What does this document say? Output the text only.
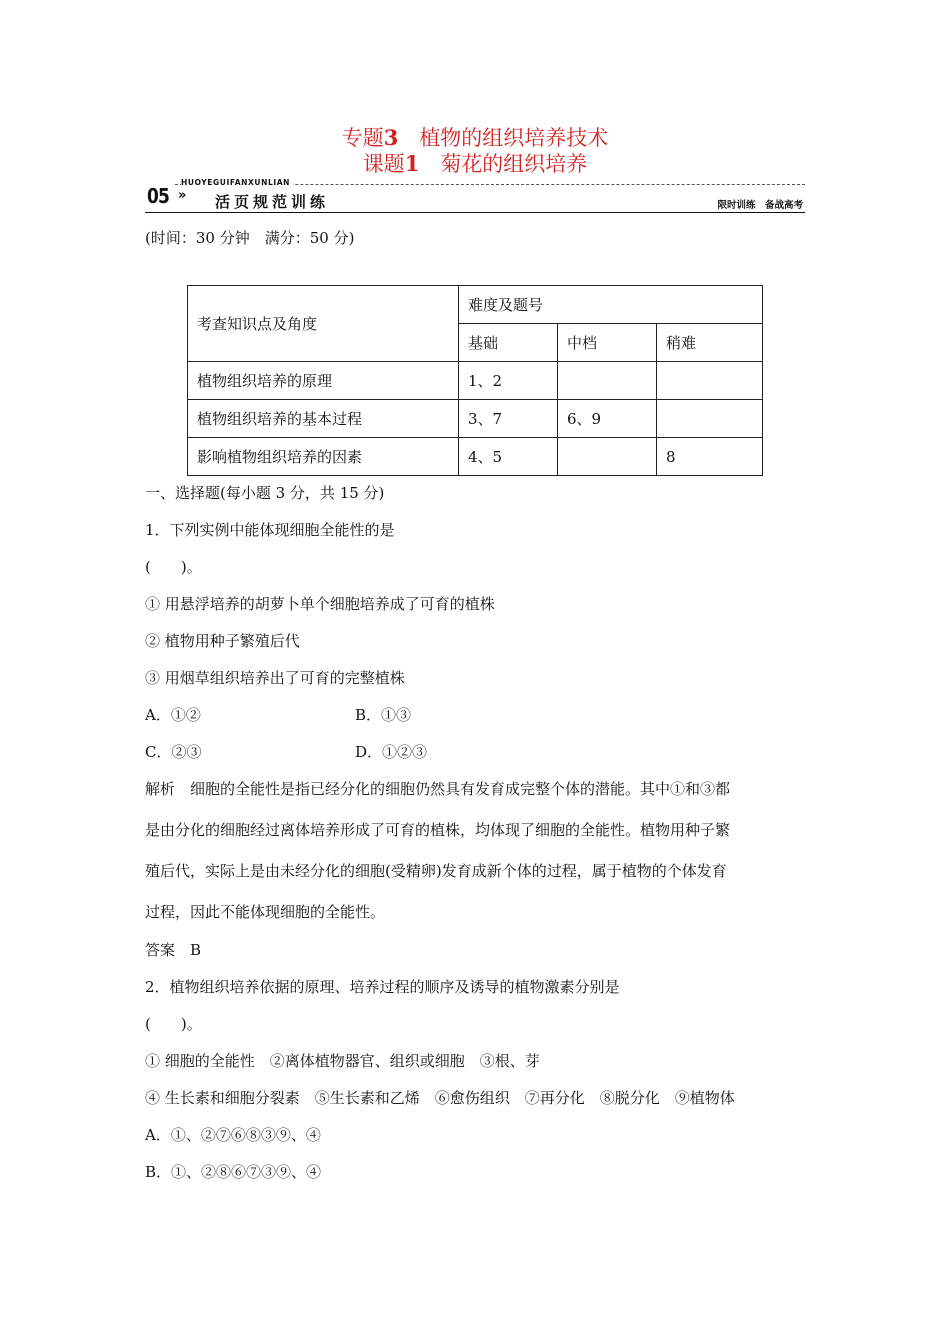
专题3　 植物的组织培养技术
课题1　 菊花的组织培养
HUOYEGUIFANXUNLIAN
05 » 活页规范训练	限时训练　备战高考
(时间：30 分钟　满分：50 分)
考查知识点及角度	难度及题号		
	基础	中档	稍难
植物组织培养的原理	1、2		
植物组织培养的基本过程	3、7	6、9	
影响植物组织培养的因素	4、5		8
一、选择题(每小题 3 分，共 15 分)
1．下列实例中能体现细胞全能性的是
(　　)。
① 用悬浮培养的胡萝卜单个细胞培养成了可育的植株
② 植物用种子繁殖后代
③ 用烟草组织培养出了可育的完整植株
A．①②	B．①③
C．②③	D．①②③
解析　细胞的全能性是指已经分化的细胞仍然具有发育成完整个体的潜能。其中①和③都
是由分化的细胞经过离体培养形成了可育的植株，均体现了细胞的全能性。植物用种子繁
殖后代，实际上是由未经分化的细胞(受精卵)发育成新个体的过程，属于植物的个体发育
过程，因此不能体现细胞的全能性。
答案　B
2．植物组织培养依据的原理、培养过程的顺序及诱导的植物激素分别是
(　　)。
① 细胞的全能性　②离体植物器官、组织或细胞　③根、芽
④ 生长素和细胞分裂素　⑤生长素和乙烯　⑥愈伤组织　⑦再分化　⑧脱分化　⑨植物体
A．①、②⑦⑥⑧③⑨、④
B．①、②⑧⑥⑦③⑨、④
